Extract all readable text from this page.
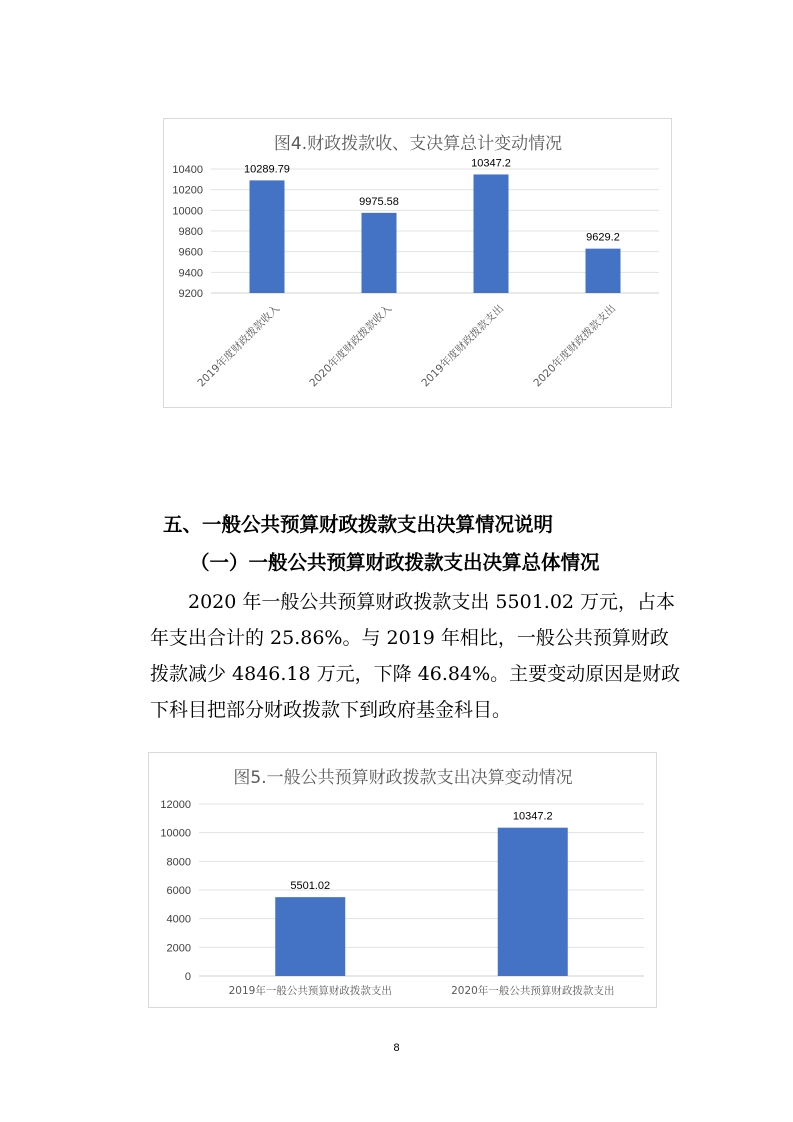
图4.财政拨款收、支决算总计变动情况
9200
9400
9600
9800
10000
10200
10400	10289.79
2019年度财政拨款收入
9975.58
2020年度财政拨款收入
10347.2
2019年度财政拨款支出
9629.2
2020年度财政拨款支出
五、一般公共预算财政拨款支出决算情况说明
（一）一般公共预算财政拨款支出决算总体情况
　　2020 年一般公共预算财政拨款支出 5501.02 万元，占本
年支出合计的 25.86%。与 2019 年相比，一般公共预算财政
拨款减少 4846.18 万元，下降 46.84%。主要变动原因是财政
下科目把部分财政拨款下到政府基金科目。
图5.一般公共预算财政拨款支出决算变动情况
0
2000
4000
6000
8000
10000
12000
5501.02
2019年一般公共预算财政拨款支出
10347.2
2020年一般公共预算财政拨款支出
8
